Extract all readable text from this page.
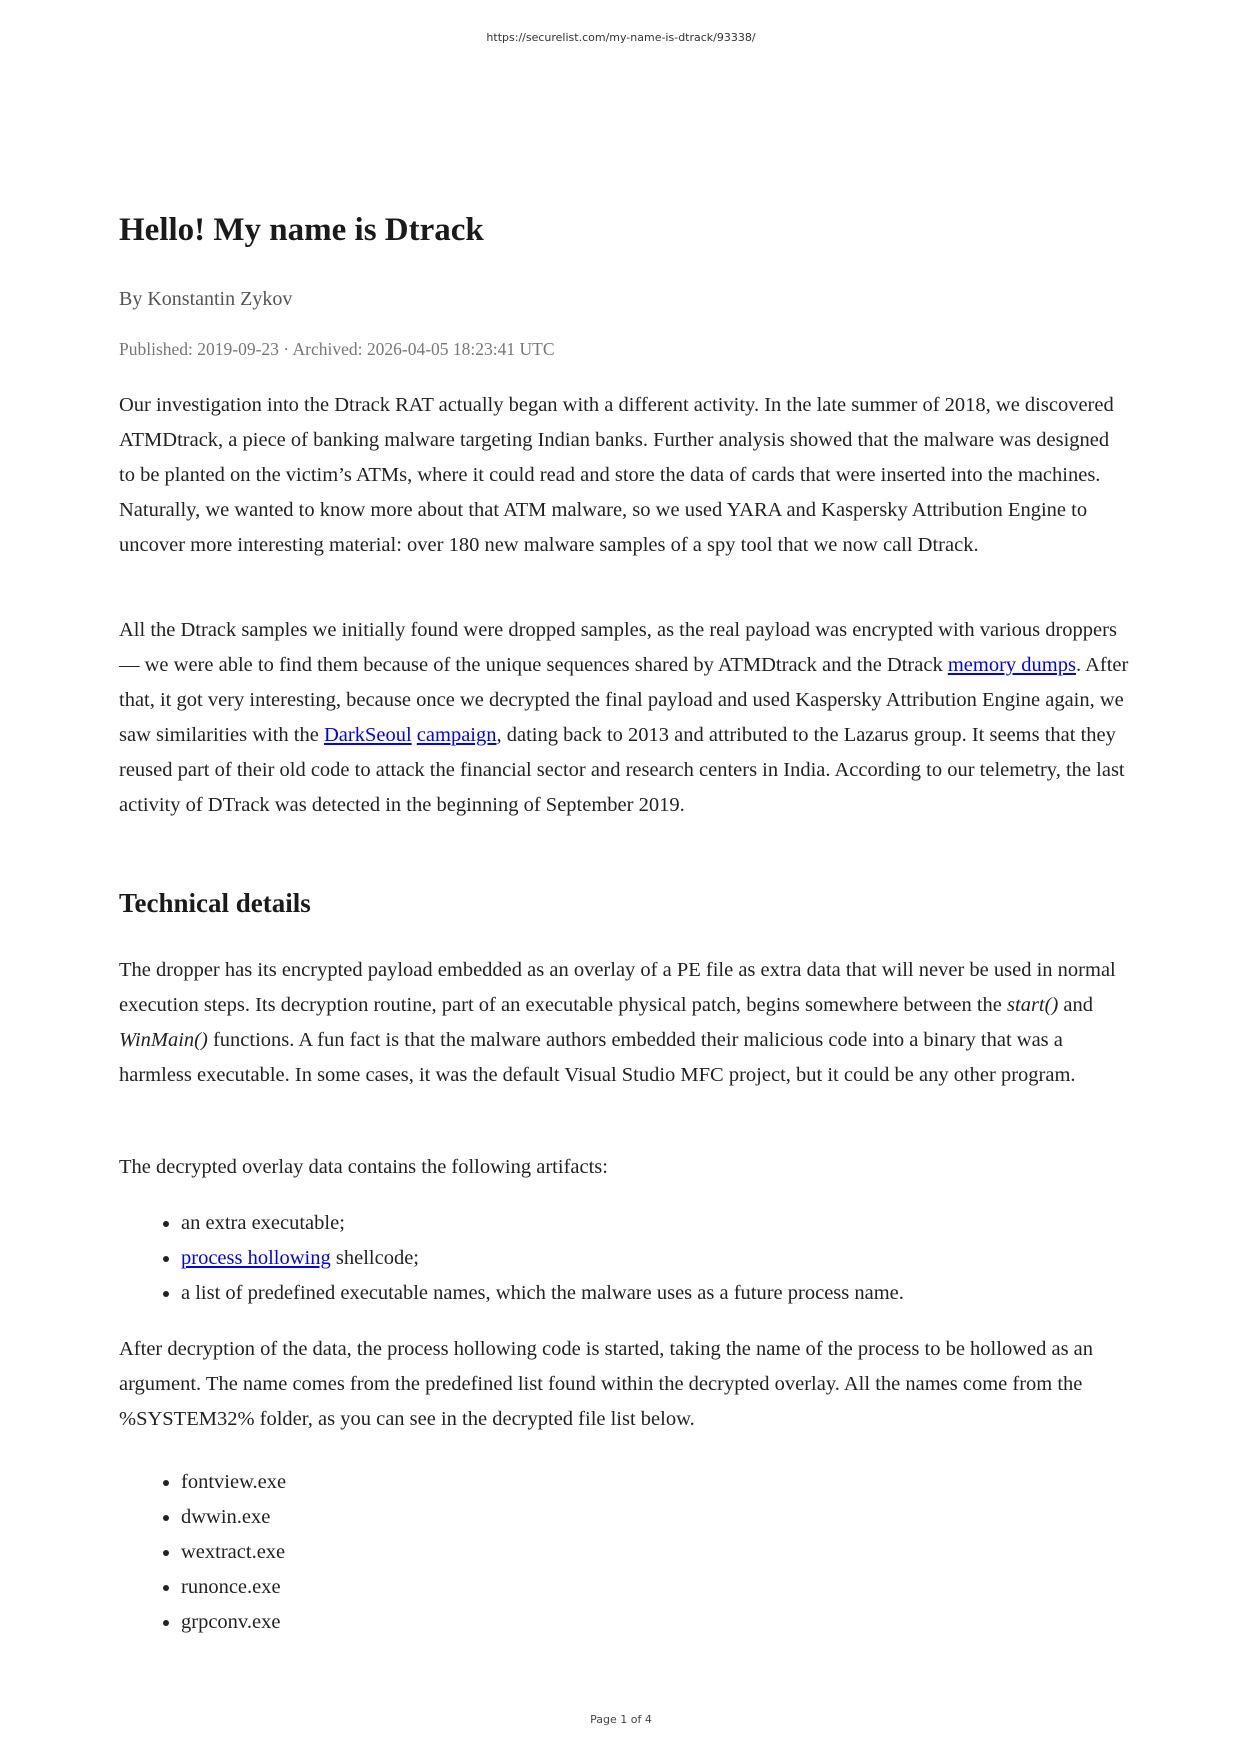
https://securelist.com/my-name-is-dtrack/93338/
Hello! My name is Dtrack

By Konstantin Zykov

Published: 2019-09-23 · Archived: 2026-04-05 18:23:41 UTC

Our investigation into the Dtrack RAT actually began with a different activity. In the late summer of 2018, we discovered ATMDtrack, a piece of banking malware targeting Indian banks. Further analysis showed that the malware was designed to be planted on the victim’s ATMs, where it could read and store the data of cards that were inserted into the machines. Naturally, we wanted to know more about that ATM malware, so we used YARA and Kaspersky Attribution Engine to uncover more interesting material: over 180 new malware samples of a spy tool that we now call Dtrack.

All the Dtrack samples we initially found were dropped samples, as the real payload was encrypted with various droppers — we were able to find them because of the unique sequences shared by ATMDtrack and the Dtrack memory dumps. After that, it got very interesting, because once we decrypted the final payload and used Kaspersky Attribution Engine again, we saw similarities with the DarkSeoul campaign, dating back to 2013 and attributed to the Lazarus group. It seems that they reused part of their old code to attack the financial sector and research centers in India. According to our telemetry, the last activity of DTrack was detected in the beginning of September 2019.

Technical details

The dropper has its encrypted payload embedded as an overlay of a PE file as extra data that will never be used in normal execution steps. Its decryption routine, part of an executable physical patch, begins somewhere between the start() and WinMain() functions. A fun fact is that the malware authors embedded their malicious code into a binary that was a harmless executable. In some cases, it was the default Visual Studio MFC project, but it could be any other program.

The decrypted overlay data contains the following artifacts:

• an extra executable;
• process hollowing shellcode;
• a list of predefined executable names, which the malware uses as a future process name.

After decryption of the data, the process hollowing code is started, taking the name of the process to be hollowed as an argument. The name comes from the predefined list found within the decrypted overlay. All the names come from the %SYSTEM32% folder, as you can see in the decrypted file list below.

• fontview.exe
• dwwin.exe
• wextract.exe
• runonce.exe
• grpconv.exe
Page 1 of 4
